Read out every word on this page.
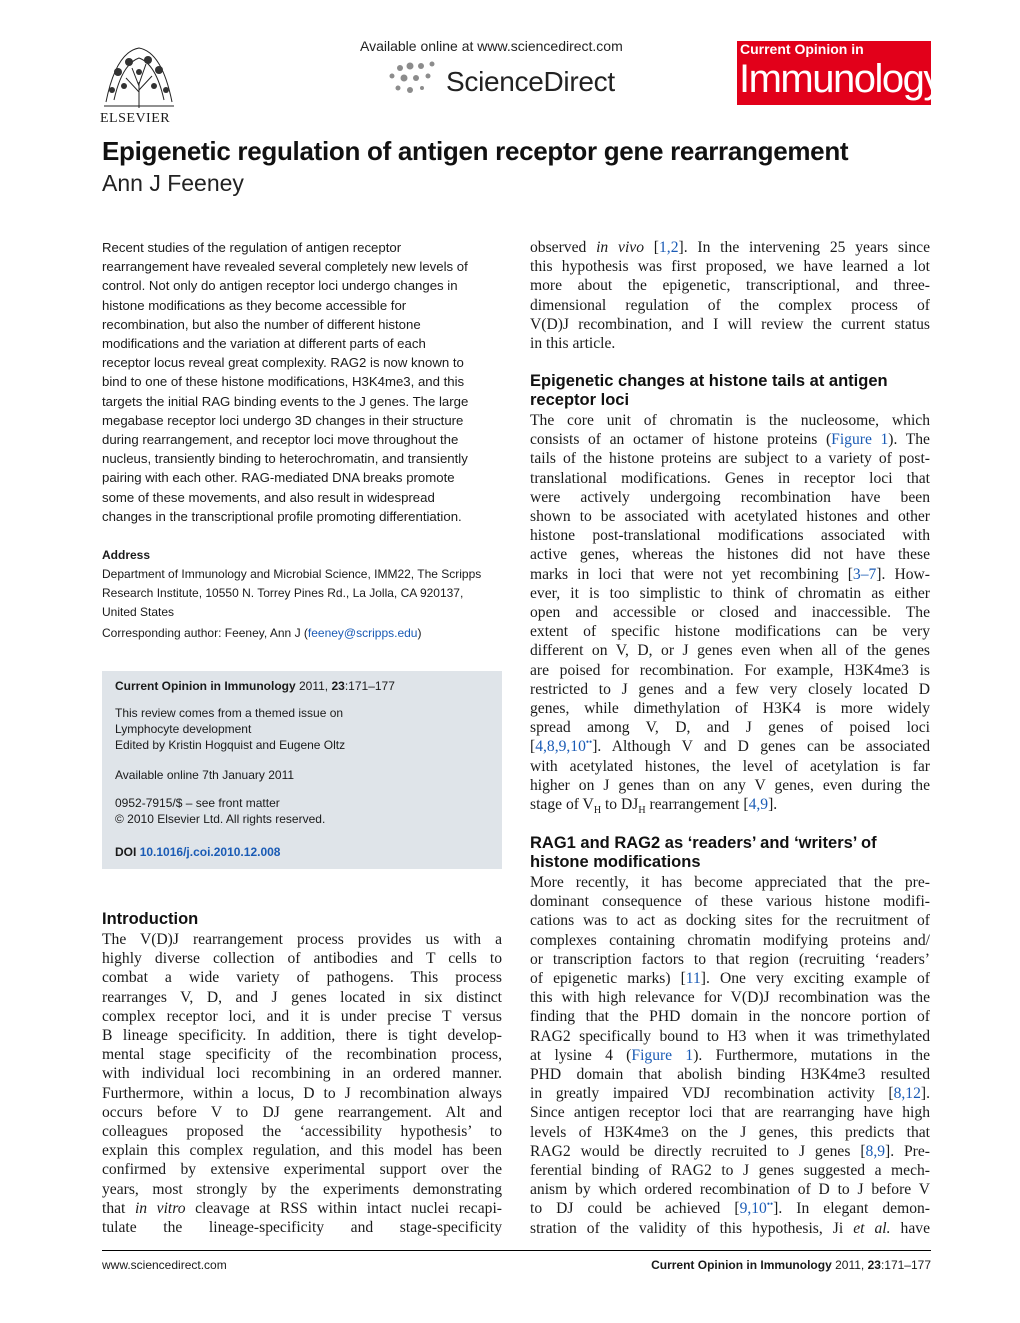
ELSEVIER
Available online at www.sciencedirect.com
ScienceDirect
Current Opinion in
Immunology
Epigenetic regulation of antigen receptor gene rearrangement
Ann J Feeney
Recent studies of the regulation of antigen receptor
rearrangement have revealed several completely new levels of
control. Not only do antigen receptor loci undergo changes in
histone modifications as they become accessible for
recombination, but also the number of different histone
modifications and the variation at different parts of each
receptor locus reveal great complexity. RAG2 is now known to
bind to one of these histone modifications, H3K4me3, and this
targets the initial RAG binding events to the J genes. The large
megabase receptor loci undergo 3D changes in their structure
during rearrangement, and receptor loci move throughout the
nucleus, transiently binding to heterochromatin, and transiently
pairing with each other. RAG-mediated DNA breaks promote
some of these movements, and also result in widespread
changes in the transcriptional profile promoting differentiation.
Address
Department of Immunology and Microbial Science, IMM22, The Scripps
Research Institute, 10550 N. Torrey Pines Rd., La Jolla, CA 920137,
United States
Corresponding author: Feeney, Ann J (feeney@scripps.edu)
Current Opinion in Immunology 2011, 23:171–177
This review comes from a themed issue on
Lymphocyte development
Edited by Kristin Hogquist and Eugene Oltz
Available online 7th January 2011
0952-7915/$ – see front matter
© 2010 Elsevier Ltd. All rights reserved.
DOI 10.1016/j.coi.2010.12.008
Introduction
The V(D)J rearrangement process provides us with a
highly diverse collection of antibodies and T cells to
combat a wide variety of pathogens. This process
rearranges V, D, and J genes located in six distinct
complex receptor loci, and it is under precise T versus
B lineage specificity. In addition, there is tight develop-
mental stage specificity of the recombination process,
with individual loci recombining in an ordered manner.
Furthermore, within a locus, D to J recombination always
occurs before V to DJ gene rearrangement. Alt and
colleagues proposed the ‘accessibility hypothesis’ to
explain this complex regulation, and this model has been
confirmed by extensive experimental support over the
years, most strongly by the experiments demonstrating
that in vitro cleavage at RSS within intact nuclei recapi-
tulate the lineage-specificity and stage-specificity
observed in vivo [1,2]. In the intervening 25 years since
this hypothesis was first proposed, we have learned a lot
more about the epigenetic, transcriptional, and three-
dimensional regulation of the complex process of
V(D)J recombination, and I will review the current status
in this article.
Epigenetic changes at histone tails at antigen
receptor loci
The core unit of chromatin is the nucleosome, which
consists of an octamer of histone proteins (Figure 1). The
tails of the histone proteins are subject to a variety of post-
translational modifications. Genes in receptor loci that
were actively undergoing recombination have been
shown to be associated with acetylated histones and other
histone post-translational modifications associated with
active genes, whereas the histones did not have these
marks in loci that were not yet recombining [3–7]. How-
ever, it is too simplistic to think of chromatin as either
open and accessible or closed and inaccessible. The
extent of specific histone modifications can be very
different on V, D, or J genes even when all of the genes
are poised for recombination. For example, H3K4me3 is
restricted to J genes and a few very closely located D
genes, while dimethylation of H3K4 is more widely
spread among V, D, and J genes of poised loci
[4,8,9,10••]. Although V and D genes can be associated
with acetylated histones, the level of acetylation is far
higher on J genes than on any V genes, even during the
stage of $V_H$ to $DJ_H$ rearrangement [4,9].
RAG1 and RAG2 as ‘readers’ and ‘writers’ of
histone modifications
More recently, it has become appreciated that the pre-
dominant consequence of these various histone modifi-
cations was to act as docking sites for the recruitment of
complexes containing chromatin modifying proteins and/
or transcription factors to that region (recruiting ‘readers’
of epigenetic marks) [11]. One very exciting example of
this with high relevance for V(D)J recombination was the
finding that the PHD domain in the noncore portion of
RAG2 specifically bound to H3 when it was trimethylated
at lysine 4 (Figure 1). Furthermore, mutations in the
PHD domain that abolish binding H3K4me3 resulted
in greatly impaired VDJ recombination activity [8,12].
Since antigen receptor loci that are rearranging have high
levels of H3K4me3 on the J genes, this predicts that
RAG2 would be directly recruited to J genes [8,9]. Pre-
ferential binding of RAG2 to J genes suggested a mech-
anism by which ordered recombination of D to J before V
to DJ could be achieved [9,10••]. In elegant demon-
stration of the validity of this hypothesis, Ji et al. have
www.sciencedirect.com	Current Opinion in Immunology 2011, 23:171–177
